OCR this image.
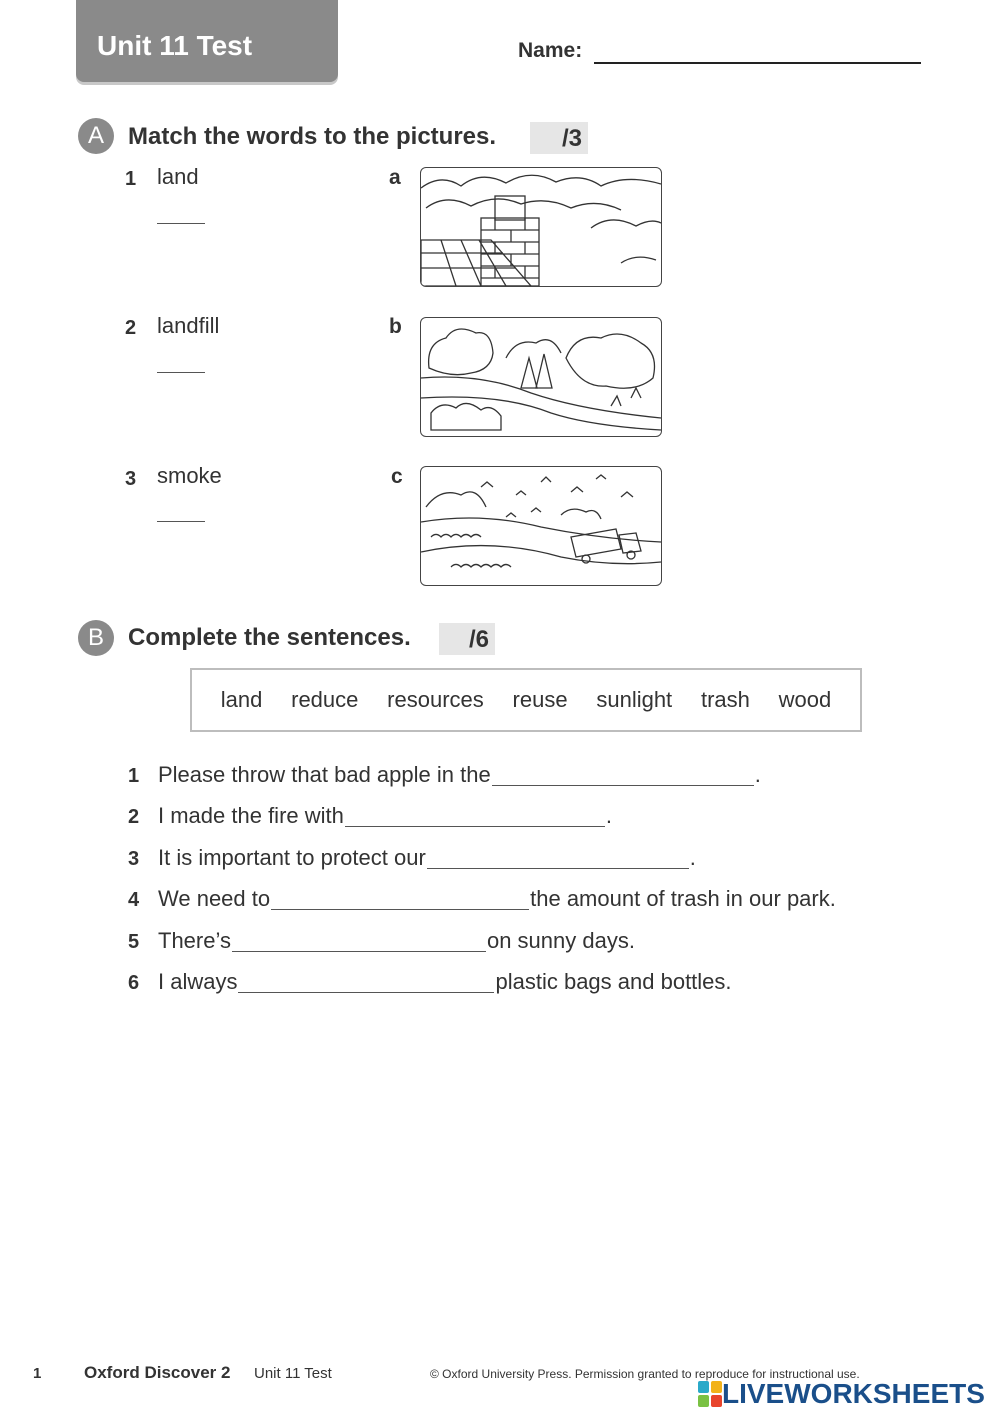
Unit 11 Test	Name:
A	Match the words to the pictures.	/3
1 land	a
2 landfill	b
3 smoke	c
B	Complete the sentences.	/6
land reduce resources reuse sunlight trash wood
1 Please throw that bad apple in the	.
2 I made the fire with	.
3 It is important to protect our	.
4 We need to	the amount of trash in our park.
5 There’s	on sunny days.
6 I always	plastic bags and bottles.
1	Oxford Discover 2 Unit 11 Test	© Oxford University Press. Permission granted to reproduce for instructional use.
LIVEWORKSHEETS
